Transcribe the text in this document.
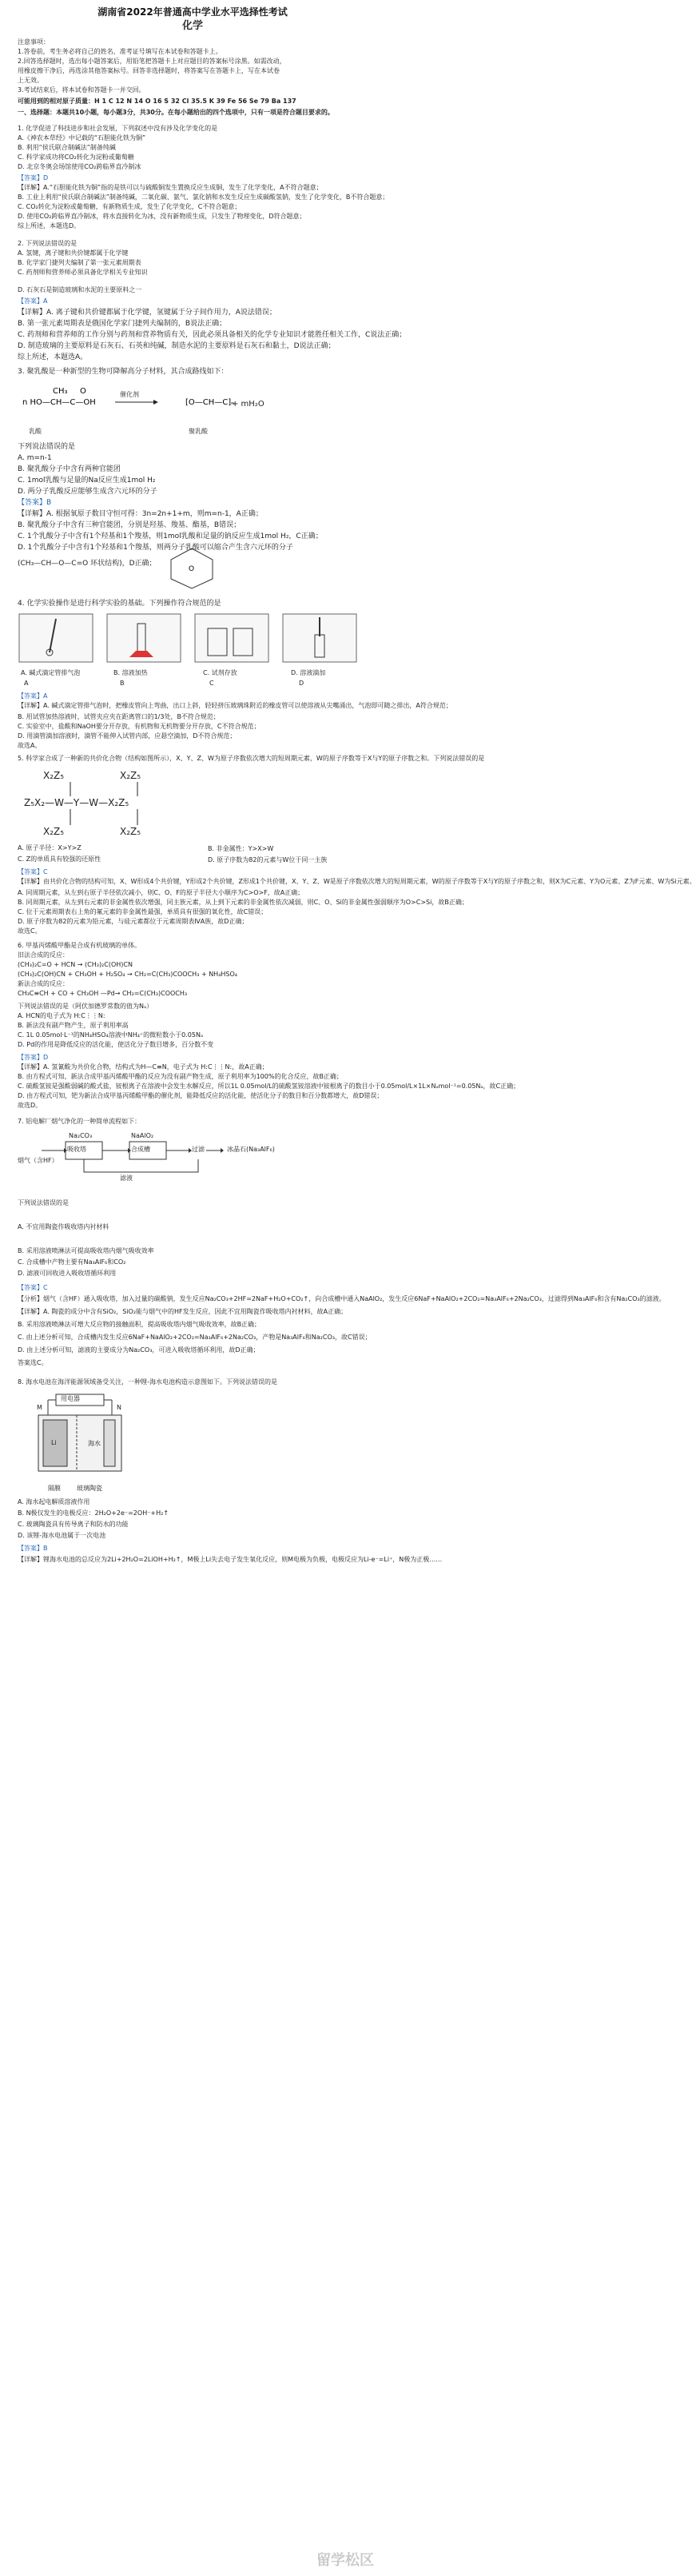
湖南省2022年普通高中学业水平选择性考试
化学
注意事项：
1.答卷前，考生务必将自己的姓名、准考证号填写在本试卷和答题卡上。
2.回答选择题时，选出每小题答案后，用铅笔把答题卡上对应题目的答案标号涂黑。如需改动，
用橡皮擦干净后，再选涂其他答案标号。回答非选择题时，将答案写在答题卡上，写在本试卷
上无效。
3.考试结束后，将本试卷和答题卡一并交回。
可能用到的相对原子质量：H 1 C 12 N 14 O 16 S 32 Cl 35.5 K 39 Fe 56 Se 79 Ba 137
一、选择题：本题共10小题，每小题3分，共30分。在每小题给出的四个选项中，只有一项是符合题目要求的。
1. 化学促进了科技进步和社会发展，下列叙述中没有涉及化学变化的是
A.《神农本草经》中记载的“石胆能化铁为铜”
B. 利用“侯氏联合制碱法”制备纯碱
C. 科学家成功将CO₂转化为淀粉或葡萄糖
D. 北京冬奥会场馆使用CO₂跨临界直冷制冰
【答案】D
【详解】A.“石胆能化铁为铜”指的是铁可以与硫酸铜发生置换反应生成铜，发生了化学变化，A不符合题意；
B. 工业上利用“侯氏联合制碱法”制备纯碱，二氧化碳、氨气、氯化钠和水发生反应生成碳酸氢钠，发生了化学变化，B不符合题意；
C. CO₂转化为淀粉或葡萄糖，有新物质生成，发生了化学变化，C不符合题意；
D. 使用CO₂跨临界直冷制冰，将水直接转化为冰，没有新物质生成，只发生了物理变化，D符合题意；
综上所述，本题选D。
2. 下列说法错误的是
A. 氢键，离子键和共价键都属于化学键
B. 化学家门捷列夫编制了第一张元素周期表
C. 药剂师和营养师必须具备化学相关专业知识
D. 石灰石是制造玻璃和水泥的主要原料之一
【答案】A
【详解】A. 离子键和共价键都属于化学键，氢键属于分子间作用力，A说法错误；
B. 第一张元素周期表是俄国化学家门捷列夫编制的，B说法正确；
C. 药剂师和营养师的工作分别与药剂和营养物质有关，因此必须具备相关的化学专业知识才能胜任相关工作，C说法正确；
D. 制造玻璃的主要原料是石灰石、石英和纯碱，制造水泥的主要原料是石灰石和黏土，D说法正确；
综上所述，本题选A。
3. 聚乳酸是一种新型的生物可降解高分子材料，其合成路线如下：
n HO—CH—C—OH
CH₃ O
[O—CH—C]ₙ
乳酸
催化剂
聚乳酸
+ mH₂O
下列说法错误的是
A. m=n-1
B. 聚乳酸分子中含有两种官能团
C. 1mol乳酸与足量的Na反应生成1mol H₂
D. 两分子乳酸反应能够生成含六元环的分子
【答案】B
【详解】A. 根据氧原子数目守恒可得：3n=2n+1+m，则m=n-1，A正确；
B. 聚乳酸分子中含有三种官能团，分别是羟基、羧基、酯基，B错误；
C. 1个乳酸分子中含有1个羟基和1个羧基，则1mol乳酸和足量的钠反应生成1mol H₂，C正确；
D. 1个乳酸分子中含有1个羟基和1个羧基，则两分子乳酸可以缩合产生含六元环的分子
(CH₃—CH—O—C=O 环状结构)，D正确；
O
4. 化学实验操作是进行科学实验的基础。下列操作符合规范的是
A. 碱式滴定管排气泡	B. 溶液加热	C. 试剂存放	D. 溶液滴加
A	B	C	D
【答案】A
【详解】A. 碱式滴定管排气泡时，把橡皮管向上弯曲，出口上斜，轻轻挤压玻璃珠附近的橡皮管可以使溶液从尖嘴涌出，气泡即可随之排出，A符合规范；
B. 用试管加热溶液时，试管夹应夹在距离管口的1/3处，B不符合规范；
C. 实验室中，盐酸和NaOH要分开存放，有机物和无机物要分开存放，C不符合规范；
D. 用滴管滴加溶液时，滴管不能伸入试管内部，应悬空滴加，D不符合规范；
故选A。
5. 科学家合成了一种新的共价化合物（结构如图所示），X、Y、Z、W为原子序数依次增大的短周期元素，W的原子序数等于X与Y的原子序数之和。下列说法错误的是
X₂Z₅	X₂Z₅
Z₅X₂—W—Y—W—X₂Z₅
X₂Z₅	X₂Z₅
A. 原子半径：X>Y>Z	B. 非金属性：Y>X>W
C. Z的单质具有较强的还原性	D. 原子序数为82的元素与W位于同一主族
【答案】C
【详解】由共价化合物的结构可知，X、W形成4个共价键，Y形成2个共价键，Z形成1个共价键，X、Y、Z、W是原子序数依次增大的短周期元素，W的原子序数等于X与Y的原子序数之和，则X为C元素、Y为O元素、Z为F元素、W为Si元素。
A. 同周期元素，从左到右原子半径依次减小，则C、O、F的原子半径大小顺序为C>O>F，故A正确；
B. 同周期元素，从左到右元素的非金属性依次增强，同主族元素，从上到下元素的非金属性依次减弱，则C、O、Si的非金属性强弱顺序为O>C>Si，故B正确；
C. 位于元素周期表右上角的氟元素的非金属性最强，单质具有很强的氧化性，故C错误；
D. 原子序数为82的元素为铅元素，与硅元素都位于元素周期表ⅣA族，故D正确；
故选C。
6. 甲基丙烯酸甲酯是合成有机玻璃的单体。
旧法合成的反应：
(CH₃)₂C=O + HCN → (CH₃)₂C(OH)CN
(CH₃)₂C(OH)CN + CH₃OH + H₂SO₄ → CH₂=C(CH₃)COOCH₃ + NH₄HSO₄
新法合成的反应：
CH₃C≡CH + CO + CH₃OH —Pd→ CH₂=C(CH₃)COOCH₃
下列说法错误的是（阿伏加德罗常数的值为Nₐ）
A. HCN的电子式为 H:C⋮⋮N:
B. 新法没有副产物产生，原子利用率高
C. 1L 0.05mol·L⁻¹的NH₄HSO₄溶液中NH₄⁺的微粒数小于0.05Nₐ
D. Pd的作用是降低反应的活化能，使活化分子数目增多，百分数不变
【答案】D
【详解】A. 氢氰酸为共价化合物，结构式为H—C≡N，电子式为 H:C⋮⋮N:，故A正确；
B. 由方程式可知，新法合成甲基丙烯酸甲酯的反应为没有副产物生成，原子利用率为100%的化合反应，故B正确；
C. 硫酸氢铵是强酸弱碱的酸式盐，铵根离子在溶液中会发生水解反应，所以1L 0.05mol/L的硫酸氢铵溶液中铵根离子的数目小于0.05mol/L×1L×Nₐmol⁻¹=0.05Nₐ，故C正确；
D. 由方程式可知，钯为新法合成甲基丙烯酸甲酯的催化剂，能降低反应的活化能，使活化分子的数目和百分数都增大，故D错误；
故选D。
7. 铝电解厂烟气净化的一种简单流程如下：
烟气（含HF）
吸收塔	合成槽	过滤	冰晶石(Na₃AlF₆)
Na₂CO₃	NaAlO₂
滤液
下列说法错误的是
A. 不宜用陶瓷作吸收塔内衬材料
B. 采用溶液喷淋法可提高吸收塔内烟气吸收效率
C. 合成槽中产物主要有Na₃AlF₆和CO₂
D. 滤液可回收进入吸收塔循环利用
【答案】C
【分析】烟气（含HF）通入吸收塔，加入过量的碳酸钠，发生反应Na₂CO₃+2HF=2NaF+H₂O+CO₂↑，向合成槽中通入NaAlO₂，发生反应6NaF+NaAlO₂+2CO₂=Na₃AlF₆+2Na₂CO₃，过滤得到Na₃AlF₆和含有Na₂CO₃的滤液。
【详解】A. 陶瓷的成分中含有SiO₂，SiO₂能与烟气中的HF发生反应，因此不宜用陶瓷作吸收塔内衬材料，故A正确；
B. 采用溶液喷淋法可增大反应物的接触面积，提高吸收塔内烟气吸收效率，故B正确；
C. 由上述分析可知，合成槽内发生反应6NaF+NaAlO₂+2CO₂=Na₃AlF₆+2Na₂CO₃，产物是Na₃AlF₆和Na₂CO₃，故C错误；
D. 由上述分析可知，滤液的主要成分为Na₂CO₃，可进入吸收塔循环利用，故D正确；
答案选C。
8. 海水电池在海洋能源领域备受关注，一种锂-海水电池构造示意图如下。下列说法错误的是
用电器
Li	海水
M	N
隔膜	玻璃陶瓷
A. 海水起电解质溶液作用
B. N极仅发生的电极反应：2H₂O+2e⁻=2OH⁻+H₂↑
C. 玻璃陶瓷具有传导离子和防水的功能
D. 该锂-海水电池属于一次电池
【答案】B
【详解】锂海水电池的总反应为2Li+2H₂O=2LiOH+H₂↑，M极上Li失去电子发生氧化反应，则M电极为负极，电极反应为Li-e⁻=Li⁺，N极为正极……
留学松区
